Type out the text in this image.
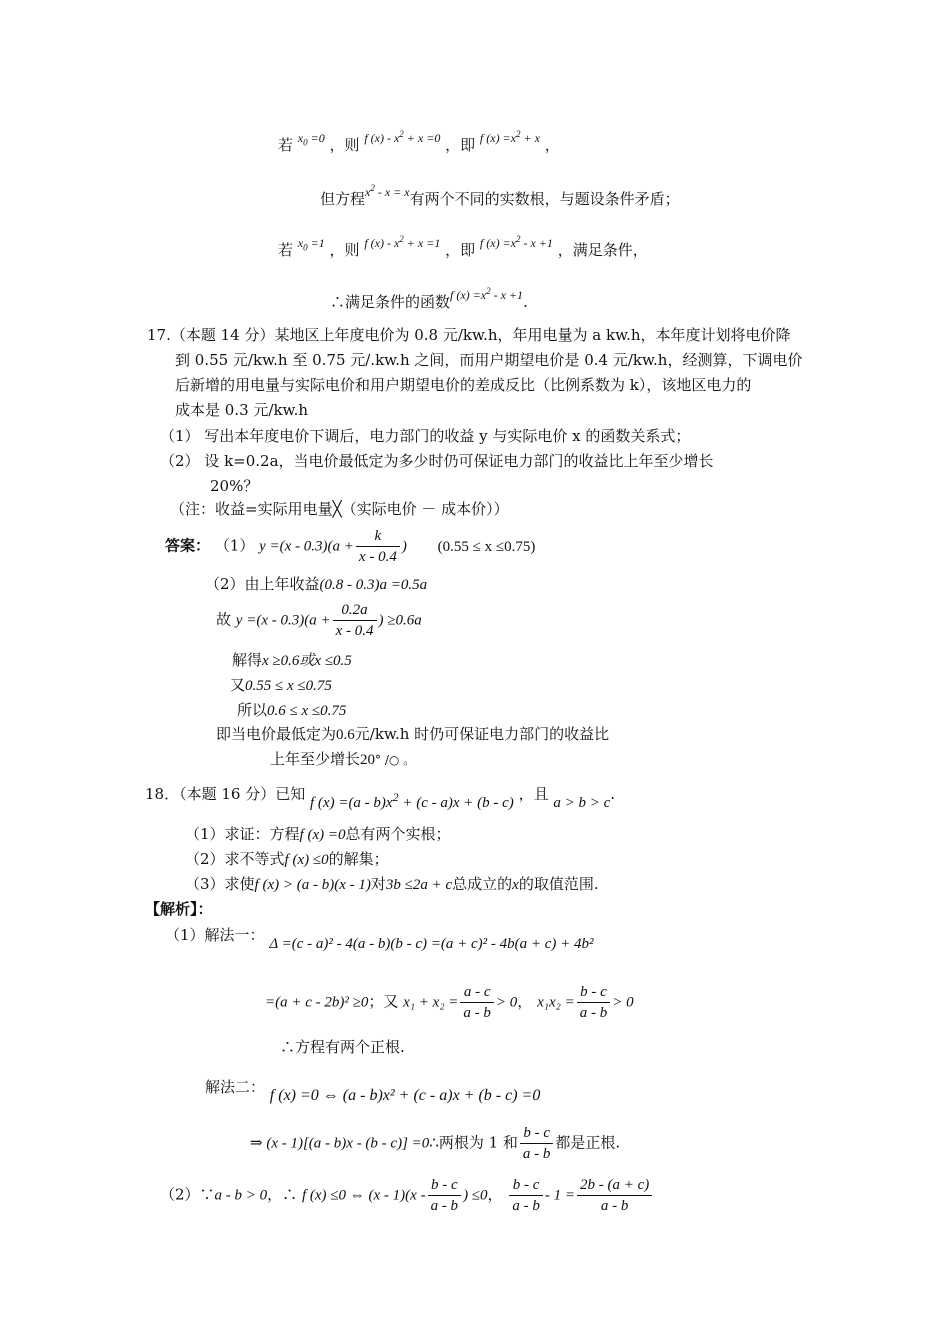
若 $^{x_0 =0}$ ，则 $^{f (x) - x^2 + x =0}$ ，即 $^{f (x) =x^2 + x}$ ，
但方程$^{x^2 - x = x}$有两个不同的实数根，与题设条件矛盾；
若 $^{x_0 =1}$ ，则 $^{f (x) - x^2 + x =1}$ ，即 $^{f (x) =x^2 - x +1}$ ，满足条件，
∴满足条件的函数$^{f (x) =x^2 - x +1}$.
17.（本题 14 分）某地区上年度电价为 0.8 元/kw.h，年用电量为 a kw.h，本年度计划将电价降
到 0.55 元/kw.h 至 0.75 元/.kw.h 之间，而用户期望电价是 0.4 元/kw.h，经测算，下调电价
后新增的用电量与实际电价和用户期望电价的差成反比（比例系数为 k），该地区电力的
成本是 0.3 元/kw.h
（1） 写出本年度电价下调后，电力部门的收益 y 与实际电价 x 的函数关系式；
（2） 设 k=0.2a，当电价最低定为多少时仍可保证电力部门的收益比上年至少增长
20%？
（注：收益=实际用电量╳（实际电价 － 成本价））
答案： （1） $y =(x - 0.3)(a + \frac{k}{x - 0.4}$ ) (0.55 ≤ x ≤0.75)
（2）由上年收益(0.8 - 0.3)a =0.5a
故 $y =(x - 0.3)(a + \frac{0.2a}{x - 0.4}$ ) ≥0.6a
解得x ≥0.6或x ≤0.5
又0.55 ≤ x ≤0.75
所以0.6 ≤ x ≤0.75
即当电价最低定为0.6元/kw.h 时仍可保证电力部门的收益比
上年至少增长20° /○ 。
18．（本题 16 分）已知 f $(x) =(a - b)x^2 + (c - a)x + (b - c)$ ，且 a > b > c.
（1）求证：方程f (x) =0总有两个实根；
（2）求不等式f (x) ≤0的解集；
（3）求使f (x) > (a - b)(x - 1)对3b ≤2a + c总成立的x的取值范围.
【解析】：
（1）解法一： Δ =(c - a)² - 4(a - b)(b - c) =(a + c)² - 4b(a + c) + 4b²
=(a + c - 2b)² ≥0；又 $x_1 + x_2 = \frac{a - c}{a - b} > 0$， $x_1x_2 = \frac{b - c}{a - b} > 0$
∴方程有两个正根.
解法二： f (x) =0 ⇔ (a - b)x² + (c - a)x + (b - c) =0
⇒ (x - 1)[(a - b)x - (b - c)] =0∴两根为 1 和 $\frac{b - c}{a - b}$ 都是正根.
（2）∵a - b > 0，∴ f (x) ≤0 ⇔ $(x - 1)(x - \frac{b - c}{a - b}$ ) ≤0， $\frac{b - c}{a - b} - 1 = \frac{2b - (a + c)}{a - b}$
